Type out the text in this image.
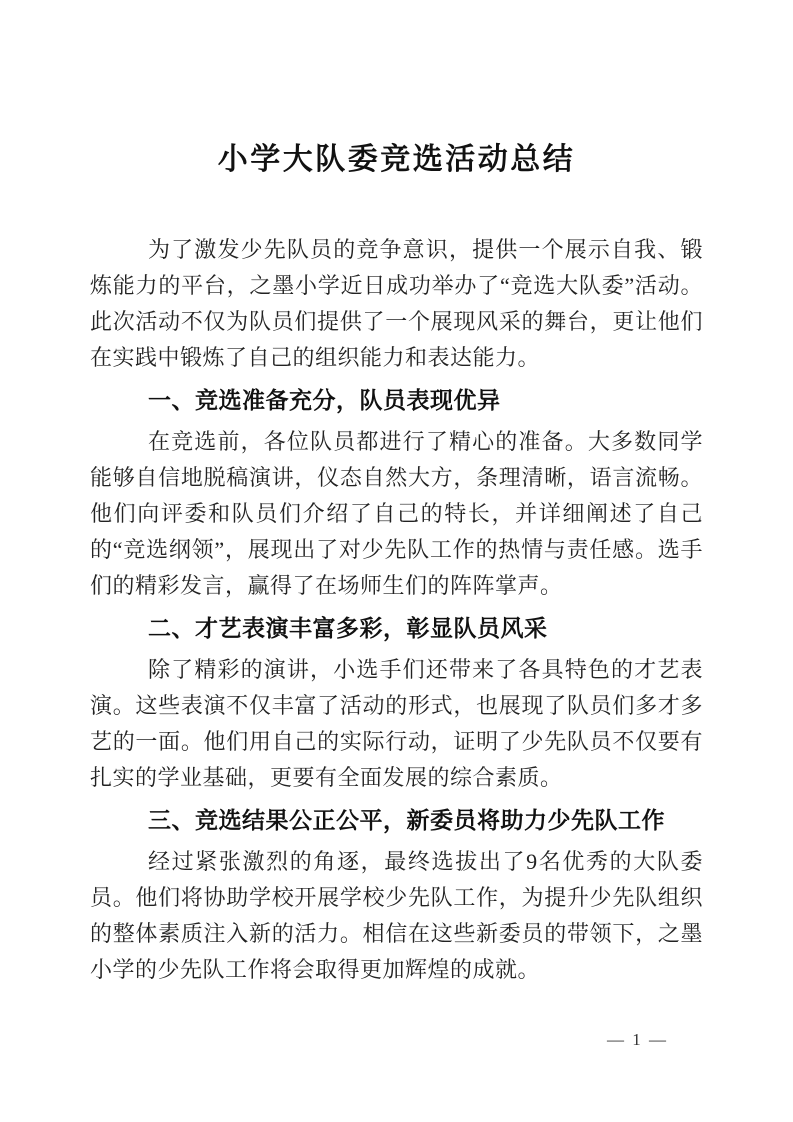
小学大队委竞选活动总结

为了激发少先队员的竞争意识，提供一个展示自我、锻炼能力的平台，之墨小学近日成功举办了“竞选大队委”活动。此次活动不仅为队员们提供了一个展现风采的舞台，更让他们在实践中锻炼了自己的组织能力和表达能力。

一、竞选准备充分，队员表现优异

在竞选前，各位队员都进行了精心的准备。大多数同学能够自信地脱稿演讲，仪态自然大方，条理清晰，语言流畅。他们向评委和队员们介绍了自己的特长，并详细阐述了自己的“竞选纲领”，展现出了对少先队工作的热情与责任感。选手们的精彩发言，赢得了在场师生们的阵阵掌声。

二、才艺表演丰富多彩，彰显队员风采

除了精彩的演讲，小选手们还带来了各具特色的才艺表演。这些表演不仅丰富了活动的形式，也展现了队员们多才多艺的一面。他们用自己的实际行动，证明了少先队员不仅要有扎实的学业基础，更要有全面发展的综合素质。

三、竞选结果公正公平，新委员将助力少先队工作

经过紧张激烈的角逐，最终选拔出了9名优秀的大队委员。他们将协助学校开展学校少先队工作，为提升少先队组织的整体素质注入新的活力。相信在这些新委员的带领下，之墨小学的少先队工作将会取得更加辉煌的成就。

— 1 —
